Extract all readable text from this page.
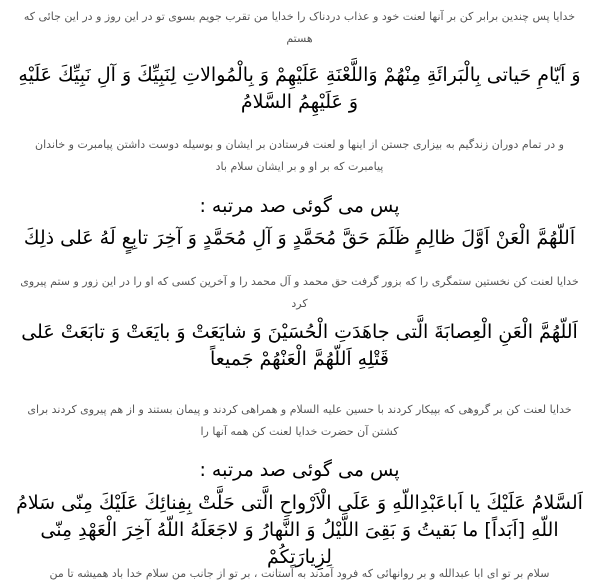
خدایا پس چندین برابر کن بر آنها لعنت خود و عذاب دردناک را خدایا من تقرب جویم بسوی تو در این روز و در این جائی که هستم
وَ اَیّامِ حَیاتی بِالْبَرائَةِ مِنْهُمْ وَاللَّعْنَةِ عَلَیْهِمْ وَ بِالْمُوالاتِ لِنَبِیِّكَ وَ آلِ نَبِیِّكَ عَلَیْهِ وَ عَلَیْهِمُ السَّلامُ
و در تمام دوران زندگیم به بیزاری جستن از اینها و لعنت فرستادن بر ایشان و بوسیله دوست داشتن پیامبرت و خاندان پیامبرت که بر او و بر ایشان سلام باد
پس می گوئی صد مرتبه :
اَللّهُمَّ الْعَنْ اَوَّلَ ظالِمٍ ظَلَمَ حَقَّ مُحَمَّدٍ وَ آلِ مُحَمَّدٍ وَ آخِرَ تابِعٍ لَهُ عَلی ذلِكَ
خدایا لعنت کن نخستین ستمگری را که بزور گرفت حق محمد و آل محمد را و آخرین کسی که او را در این زور و ستم پیروی کرد
اَللّهُمَّ الْعَنِ الْعِصابَةَ الَّتی جاهَدَتِ الْحُسَیْنَ وَ شایَعَتْ وَ بایَعَتْ وَ تابَعَتْ عَلی قَتْلِهِ اَللّهُمَّ الْعَنْهُمْ جَمیعاً
خدایا لعنت کن بر گروهی که بپیکار کردند با حسین علیه السلام و همراهی کردند و پیمان بستند و از هم پیروی کردند برای کشتن آن حضرت خدایا لعنت کن همه آنها را
پس می گوئی صد مرتبه :
اَلسَّلامُ عَلَیْكَ یا اَباعَبْدِاللّهِ وَ عَلَی الْاَرْواحِ الَّتی حَلَّتْ بِفِنائِكَ عَلَیْكَ مِنّی سَلامُ اللّهِ [اَبَداً] ما بَقیتُ وَ بَقِیَ اللَّیْلُ وَ النَّهارُ وَ لاجَعَلَهُ اللّهُ آخِرَ الْعَهْدِ مِنّی لِزِیارَتِكُمْ
سلام بر تو ای ابا عبدالله و بر روانهائی که فرود آمدند به آستانت ، بر تو از جانب من سلام خدا باد همیشه تا من
